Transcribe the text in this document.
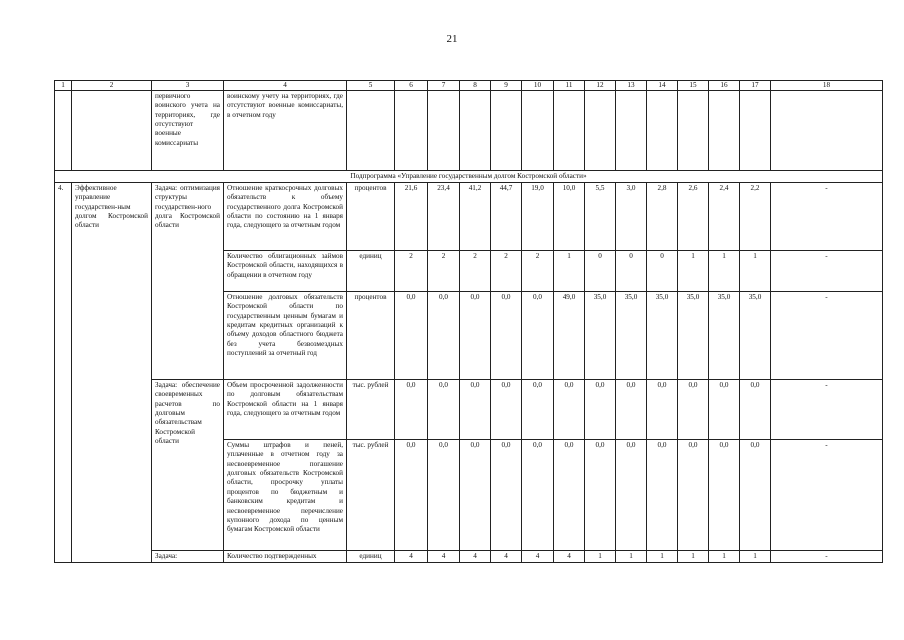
21
1	2	3	4	5	6	7	8	9	10	11	12	13	14	15	16	17	18
		первичного воинского учета на территориях, где отсутствуют военные комиссариаты	воинскому учету на территориях, где отсутствуют военные комиссариаты, в отчетном году														
Подпрограмма «Управление государственным долгом Костромской области»																	
4.	Эффективное управление государствен-ным долгом Костромской области	Задача: оптимизация структуры государствен-ного долга Костромской области	Отношение краткосрочных долговых обязательств к объему государственного долга Костромской области по состоянию на 1 января года, следующего за отчетным годом	процентов	21,6	23,4	41,2	44,7	19,0	10,0	5,5	3,0	2,8	2,6	2,4	2,2	-
			Количество облигационных займов Костромской области, находящихся в обращении в отчетном году	единиц	2	2	2	2	2	1	0	0	0	1	1	1	-
			Отношение долговых обязательств Костромской области по государственным ценным бумагам и кредитам кредитных организаций к объему доходов областного бюджета без учета безвозмездных поступлений за отчетный год	процентов	0,0	0,0	0,0	0,0	0,0	49,0	35,0	35,0	35,0	35,0	35,0	35,0	-
		Задача: обеспечение своевременных расчетов по долговым обязательствам Костромской области	Объем просроченной задолженности по долговым обязательствам Костромской области на 1 января года, следующего за отчетным годом	тыс. рублей	0,0	0,0	0,0	0,0	0,0	0,0	0,0	0,0	0,0	0,0	0,0	0,0	-
			Суммы штрафов и пеней, уплаченные в отчетном году за несвоевременное погашение долговых обязательств Костромской области, просрочку уплаты процентов по бюджетным и банковским кредитам и несвоевременное перечисление купонного дохода по ценным бумагам Костромской области	тыс. рублей	0,0	0,0	0,0	0,0	0,0	0,0	0,0	0,0	0,0	0,0	0,0	0,0	-
		Задача:	Количество подтвержденных	единиц	4	4	4	4	4	4	1	1	1	1	1	1	-
